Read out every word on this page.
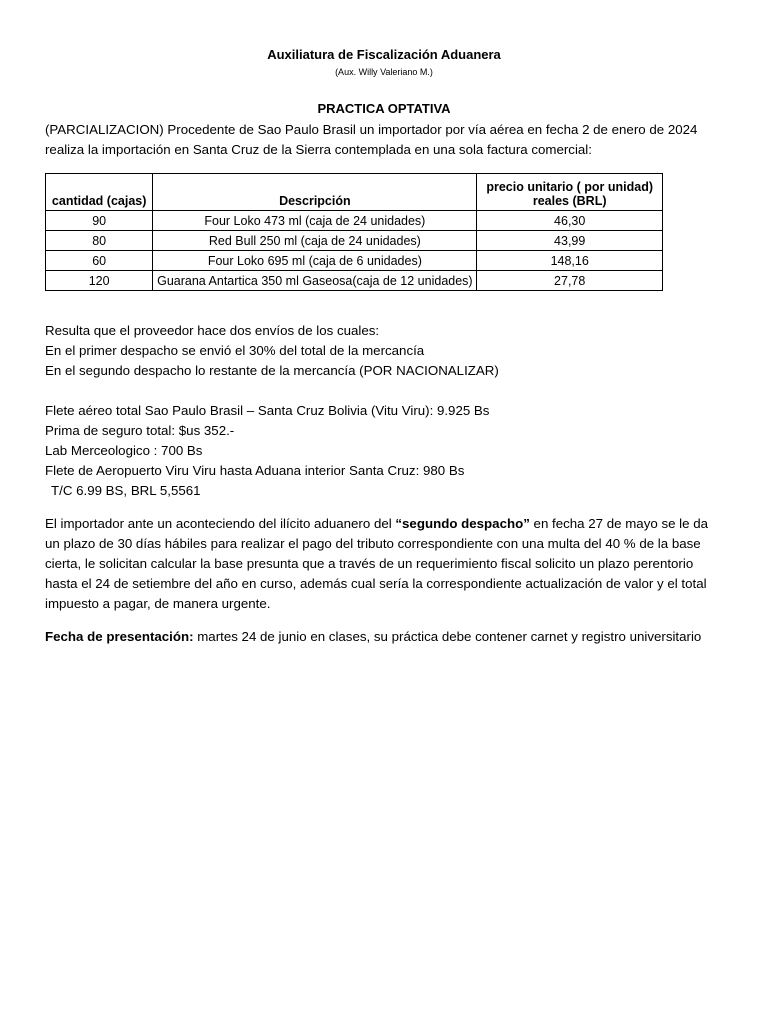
Auxiliatura de Fiscalización Aduanera

(Aux. Willy Valeriano M.)

PRACTICA OPTATIVA

(PARCIALIZACION) Procedente de Sao Paulo Brasil un importador por vía aérea en fecha 2 de enero de 2024 realiza la importación en Santa Cruz de la Sierra contemplada en una sola factura comercial:

cantidad (cajas)	Descripción	precio unitario ( por unidad)
reales (BRL)

90	Four Loko 473 ml (caja de 24 unidades)	46,30
80	Red Bull 250 ml (caja de 24 unidades)	43,99
60	Four Loko 695 ml (caja de 6 unidades)	148,16
120	Guarana Antartica 350 ml Gaseosa(caja de 12 unidades)	27,78
Resulta que el proveedor hace dos envíos de los cuales:
En el primer despacho se envió el 30% del total de la mercancía
En el segundo despacho lo restante de la mercancía (POR NACIONALIZAR)
Flete aéreo total Sao Paulo Brasil – Santa Cruz Bolivia (Vitu Viru): 9.925 Bs
Prima de seguro total: $us 352.-
Lab Merceologico : 700 Bs
Flete de Aeropuerto Viru Viru hasta Aduana interior Santa Cruz: 980 Bs
T/C 6.99 BS, BRL 5,5561

El importador ante un aconteciendo del ilícito aduanero del “segundo despacho” en fecha 27 de mayo se le da un plazo de 30 días hábiles para realizar el pago del tributo correspondiente con una multa del 40 % de la base cierta, le solicitan calcular la base presunta que a través de un requerimiento fiscal solicito un plazo perentorio hasta el 24 de setiembre del año en curso, además cual sería la correspondiente actualización de valor y el total impuesto a pagar, de manera urgente.

Fecha de presentación: martes 24 de junio en clases, su práctica debe contener carnet y registro universitario
